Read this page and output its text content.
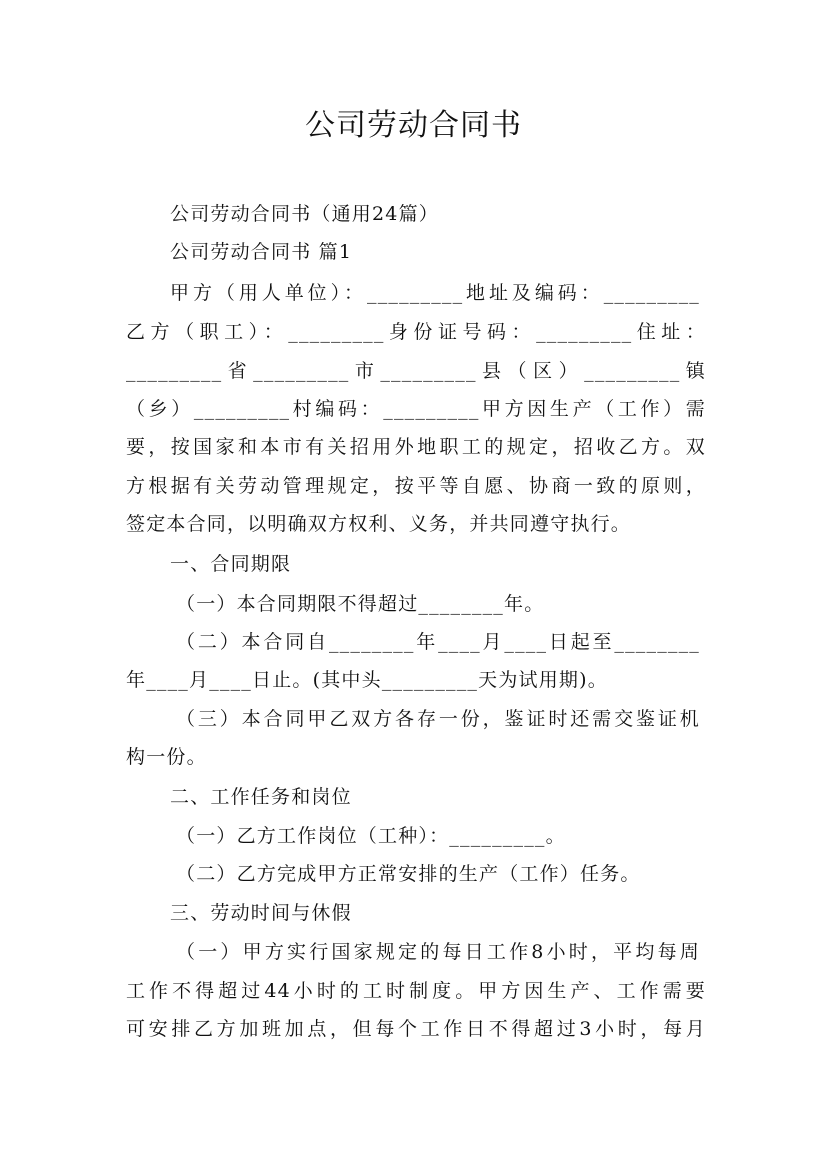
公司劳动合同书
公司劳动合同书（通用24篇）
公司劳动合同书 篇1
甲方（用人单位）：_________地址及编码：_________
乙方（职工）：_________身份证号码：_________住址：
_________省_________市_________县（区）_________镇
（乡）_________村编码：_________甲方因生产（工作）需
要，按国家和本市有关招用外地职工的规定，招收乙方。双
方根据有关劳动管理规定，按平等自愿、协商一致的原则，
签定本合同，以明确双方权利、义务，并共同遵守执行。
一、合同期限
（一）本合同期限不得超过________年。
（二）本合同自________年____月____日起至________
年____月____日止。(其中头_________天为试用期)。
（三）本合同甲乙双方各存一份，鉴证时还需交鉴证机
构一份。
二、工作任务和岗位
（一）乙方工作岗位（工种）：_________。
（二）乙方完成甲方正常安排的生产（工作）任务。
三、劳动时间与休假
（一）甲方实行国家规定的每日工作8小时，平均每周
工作不得超过44小时的工时制度。甲方因生产、工作需要
可安排乙方加班加点，但每个工作日不得超过3小时，每月
